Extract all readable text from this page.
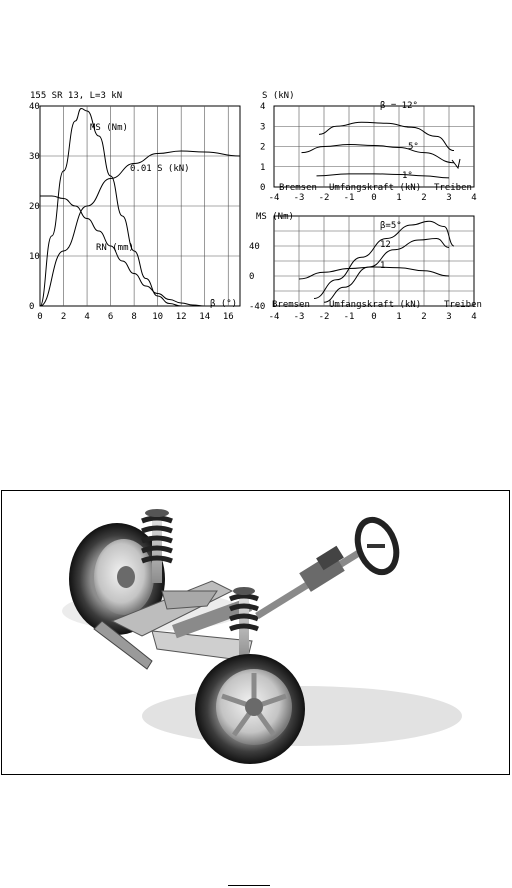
155 SR 13, L=3 kN
0
10
20
30
40
0 2 4 6 8 10 12 14 16
MS (Nm)
0.01 S (kN)
RN (mm)
β (°)
S (kN)
0
1
2
3
4
-4 -3 -2 -1 0 1 2 3 4
β = 12°
5°
1°
Bremsen Umfangskraft (kN) Treiben
MS (Nm)
-40
0
40
-4 -3 -2 -1 0 1 2 3 4
β=5°
12
1
Bremsen Umfangskraft (kN)	Treiben
